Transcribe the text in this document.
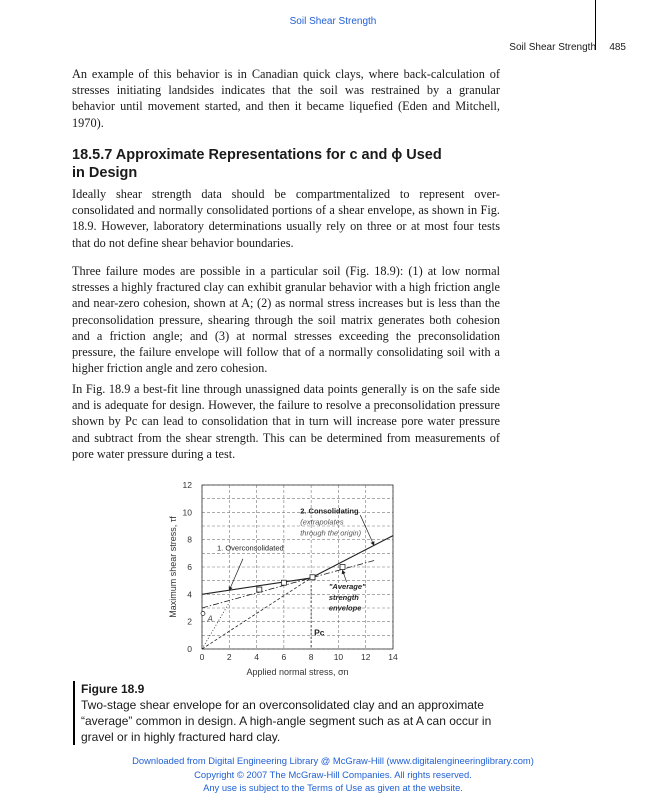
Soil Shear Strength
Soil Shear Strength 485

An example of this behavior is in Canadian quick clays, where back-calculation of stresses initiating landsides indicates that the soil was restrained by a granular behavior until movement started, and then it became liquefied (Eden and Mitchell, 1970).

18.5.7 Approximate Representations for c and ϕ Used
in Design

Ideally shear strength data should be compartmentalized to represent over-consolidated and normally consolidated portions of a shear envelope, as shown in Fig. 18.9. However, laboratory determinations usually rely on three or at most four tests that do not define shear behavior boundaries.

Three failure modes are possible in a particular soil (Fig. 18.9): (1) at low normal stresses a highly fractured clay can exhibit granular behavior with a high friction angle and near-zero cohesion, shown at A; (2) as normal stress increases but is less than the preconsolidation pressure, shearing through the soil matrix generates both cohesion and a friction angle; and (3) at normal stresses exceeding the preconsolidation pressure, the failure envelope will follow that of a normally consolidating soil with a higher friction angle and zero cohesion.

In Fig. 18.9 a best-fit line through unassigned data points generally is on the safe side and is adequate for design. However, the failure to resolve a preconsolidation pressure shown by Pc can lead to consolidation that in turn will increase pore water pressure and subtract from the shear strength. This can be determined from measurements of pore water pressure during a test.

0	2	4	6	8 10 12 14
0
2
4
6
8
10
12
Applied normal stress, σn
Maximum shear stress, τf
Pc
1. Overconsolidated
2. Consolidating
(extrapolates
through the origin)
"Average"
strength
envelope
A
Figure 18.9
Two-stage shear envelope for an overconsolidated clay and an approximate “average” common in design. A high-angle segment such as at A can occur in gravel or in highly fractured hard clay.
Downloaded from Digital Engineering Library @ McGraw-Hill (www.digitalengineeringlibrary.com)
Copyright © 2007 The McGraw-Hill Companies. All rights reserved.
Any use is subject to the Terms of Use as given at the website.
